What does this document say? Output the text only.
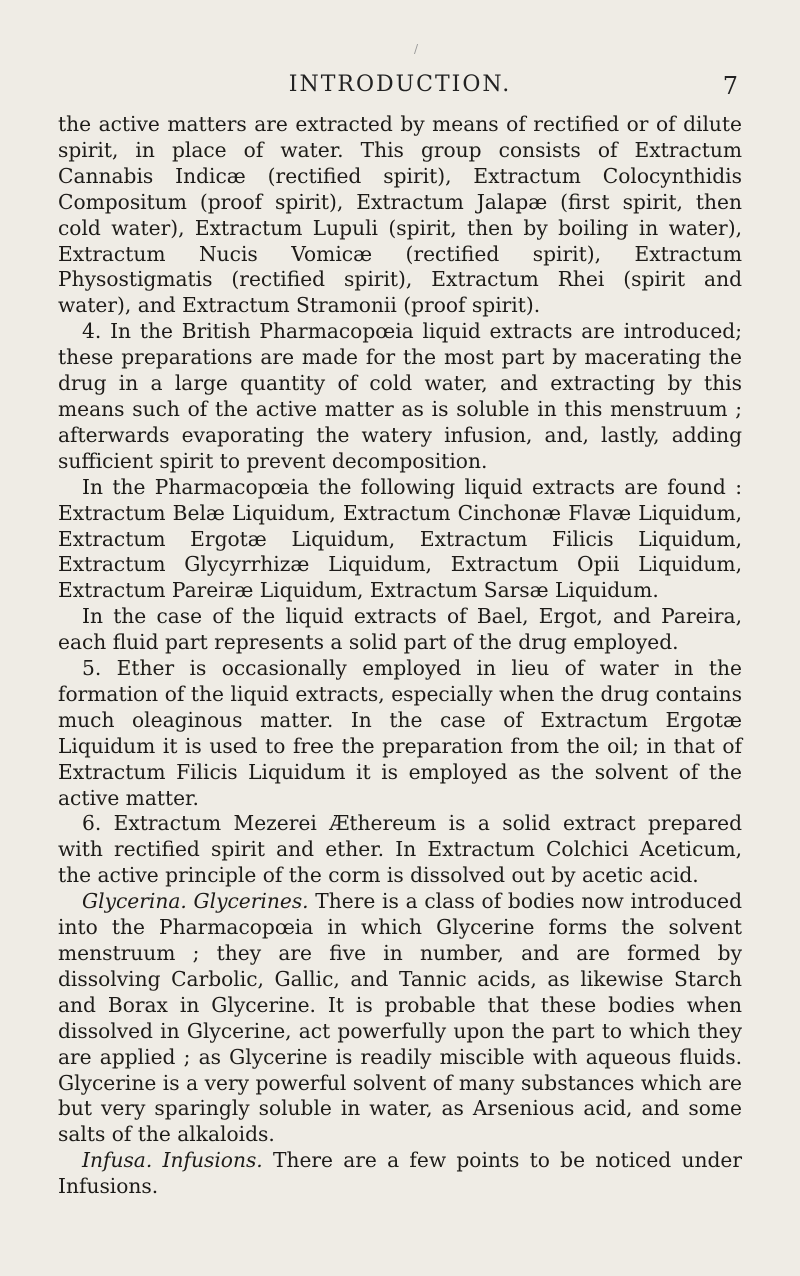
/
INTRODUCTION.	7

the active matters are extracted by means of rectified or of dilute spirit, in place of water. This group consists of Extractum Cannabis Indicæ (rectified spirit), Extractum Colocynthidis Compositum (proof spirit), Extractum Jalapæ (first spirit, then cold water), Extractum Lupuli (spirit, then by boiling in water), Extractum Nucis Vomicæ (rectified spirit), Extractum Physostigmatis (rectified spirit), Extractum Rhei (spirit and water), and Extractum Stramonii (proof spirit).

4. In the British Pharmacopœia liquid extracts are introduced; these preparations are made for the most part by macerating the drug in a large quantity of cold water, and extracting by this means such of the active matter as is soluble in this menstruum ; afterwards evaporating the watery infusion, and, lastly, adding sufficient spirit to prevent decomposition.

In the Pharmacopœia the following liquid extracts are found : Extractum Belæ Liquidum, Extractum Cinchonæ Flavæ Liquidum, Extractum Ergotæ Liquidum, Extractum Filicis Liquidum, Extractum Glycyrrhizæ Liquidum, Extractum Opii Liquidum, Extractum Pareiræ Liquidum, Extractum Sarsæ Liquidum.

In the case of the liquid extracts of Bael, Ergot, and Pareira, each fluid part represents a solid part of the drug employed.

5. Ether is occasionally employed in lieu of water in the formation of the liquid extracts, especially when the drug contains much oleaginous matter. In the case of Extractum Ergotæ Liquidum it is used to free the preparation from the oil; in that of Extractum Filicis Liquidum it is employed as the solvent of the active matter.

6. Extractum Mezerei Æthereum is a solid extract prepared with rectified spirit and ether. In Extractum Colchici Aceticum, the active principle of the corm is dissolved out by acetic acid.

Glycerina. Glycerines. There is a class of bodies now introduced into the Pharmacopœia in which Glycerine forms the solvent menstruum ; they are five in number, and are formed by dissolving Carbolic, Gallic, and Tannic acids, as likewise Starch and Borax in Glycerine. It is probable that these bodies when dissolved in Glycerine, act powerfully upon the part to which they are applied ; as Glycerine is readily miscible with aqueous fluids. Glycerine is a very powerful solvent of many substances which are but very sparingly soluble in water, as Arsenious acid, and some salts of the alkaloids.

Infusa. Infusions. There are a few points to be noticed under Infusions.
